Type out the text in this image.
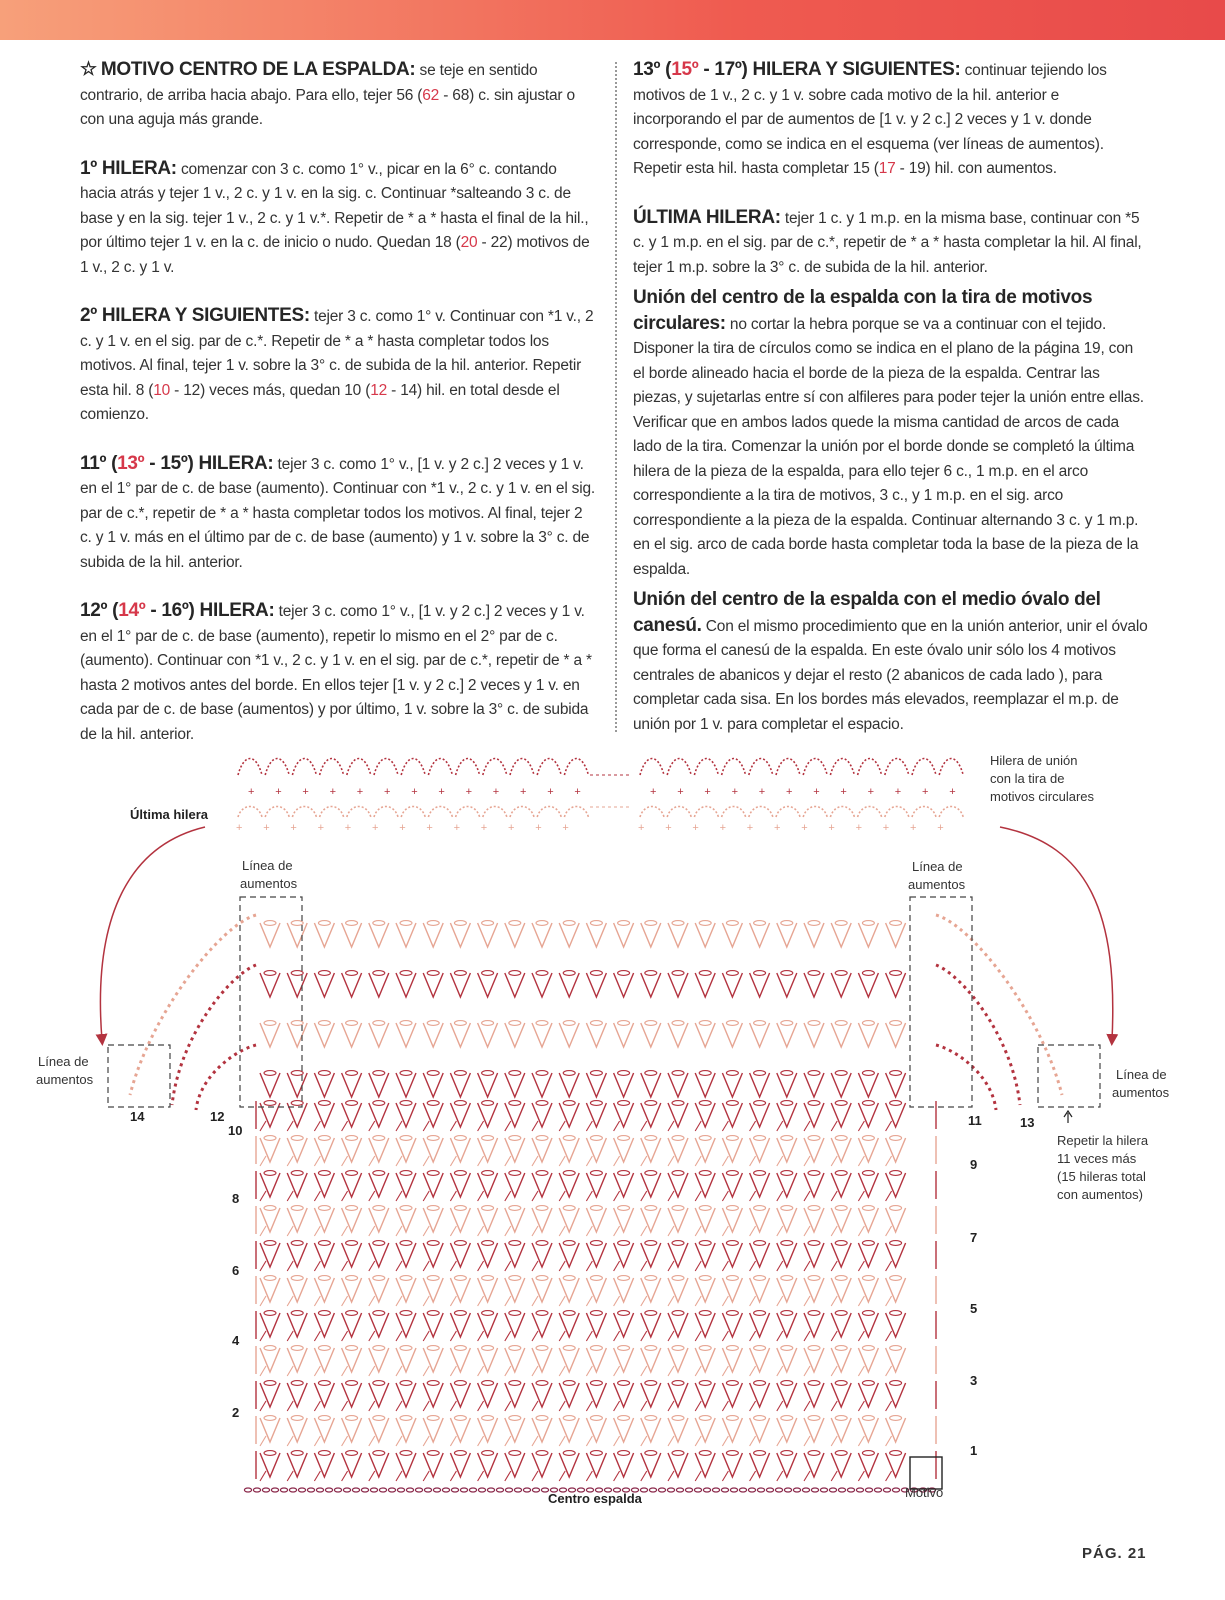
☆ MOTIVO CENTRO DE LA ESPALDA: se teje en sentido contrario, de arriba hacia abajo. Para ello, tejer 56 (62 - 68) c. sin ajustar o con una aguja más grande.

1º HILERA: comenzar con 3 c. como 1° v., picar en la 6° c. contando hacia atrás y tejer 1 v., 2 c. y 1 v. en la sig. c. Continuar *salteando 3 c. de base y en la sig. tejer 1 v., 2 c. y 1 v.*. Repetir de * a * hasta el final de la hil., por último tejer 1 v. en la c. de inicio o nudo. Quedan 18 (20 - 22) motivos de 1 v., 2 c. y 1 v.

2º HILERA Y SIGUIENTES: tejer 3 c. como 1° v. Continuar con *1 v., 2 c. y 1 v. en el sig. par de c.*. Repetir de * a * hasta completar todos los motivos. Al final, tejer 1 v. sobre la 3° c. de subida de la hil. anterior. Repetir esta hil. 8 (10 - 12) veces más, quedan 10 (12 - 14) hil. en total desde el comienzo.

11º (13º - 15º) HILERA: tejer 3 c. como 1° v., [1 v. y 2 c.] 2 veces y 1 v. en el 1° par de c. de base (aumento). Continuar con *1 v., 2 c. y 1 v. en el sig. par de c.*, repetir de * a * hasta completar todos los motivos. Al final, tejer 2 c. y 1 v. más en el último par de c. de base (aumento) y 1 v. sobre la 3° c. de subida de la hil. anterior.

12º (14º - 16º) HILERA: tejer 3 c. como 1° v., [1 v. y 2 c.] 2 veces y 1 v. en el 1° par de c. de base (aumento), repetir lo mismo en el 2° par de c. (aumento). Continuar con *1 v., 2 c. y 1 v. en el sig. par de c.*, repetir de * a * hasta 2 motivos antes del borde. En ellos tejer [1 v. y 2 c.] 2 veces y 1 v. en cada par de c. de base (aumentos) y por último, 1 v. sobre la 3° c. de subida de la hil. anterior.

13º (15º - 17º) HILERA Y SIGUIENTES: continuar tejiendo los motivos de 1 v., 2 c. y 1 v. sobre cada motivo de la hil. anterior e incorporando el par de aumentos de [1 v. y 2 c.] 2 veces y 1 v. donde corresponde, como se indica en el esquema (ver líneas de aumentos). Repetir esta hil. hasta completar 15 (17 - 19) hil. con aumentos.

ÚLTIMA HILERA: tejer 1 c. y 1 m.p. en la misma base, continuar con *5 c. y 1 m.p. en el sig. par de c.*, repetir de * a * hasta completar la hil. Al final, tejer 1 m.p. sobre la 3° c. de subida de la hil. anterior.

Unión del centro de la espalda con la tira de motivos circulares: no cortar la hebra porque se va a continuar con el tejido. Disponer la tira de círculos como se indica en el plano de la página 19, con el borde alineado hacia el borde de la pieza de la espalda. Centrar las piezas, y sujetarlas entre sí con alfileres para poder tejer la unión entre ellas. Verificar que en ambos lados quede la misma cantidad de arcos de cada lado de la tira. Comenzar la unión por el borde donde se completó la última hilera de la pieza de la espalda, para ello tejer 6 c., 1 m.p. en el arco correspondiente a la tira de motivos, 3 c., y 1 m.p. en el sig. arco correspondiente a la pieza de la espalda. Continuar alternando 3 c. y 1 m.p. en el sig. arco de cada borde hasta completar toda la base de la pieza de la espalda.

Unión del centro de la espalda con el medio óvalo del canesú. Con el mismo procedimiento que en la unión anterior, unir el óvalo que forma el canesú de la espalda. En este óvalo unir sólo los 4 motivos centrales de abanicos y dejar el resto (2 abanicos de cada lado ), para completar cada sisa. En los bordes más elevados, reemplazar el m.p. de unión por 1 v. para completar el espacio.

+
+
+
+
+
+
+
+
+
+
+
+
+
+
+
+
+
+
+
+
+
+
+
+
+
+
+
+
+
+
+
+
+
+
+
+
+
+
+
+
+
+
+
+
+
+
+
+
+
+
Hilera de unión
con la tira de
motivos circulares
Última hilera
Línea de
aumentos
Línea de
aumentos
Línea de
aumentos	Línea de
aumentos
Repetir la hilera
11 veces más
(15 hileras total
con aumentos)
Centro espalda	Motivo
2
4
6
8
10
12
14
1
3
5
7
9
11	13
PÁG. 21
